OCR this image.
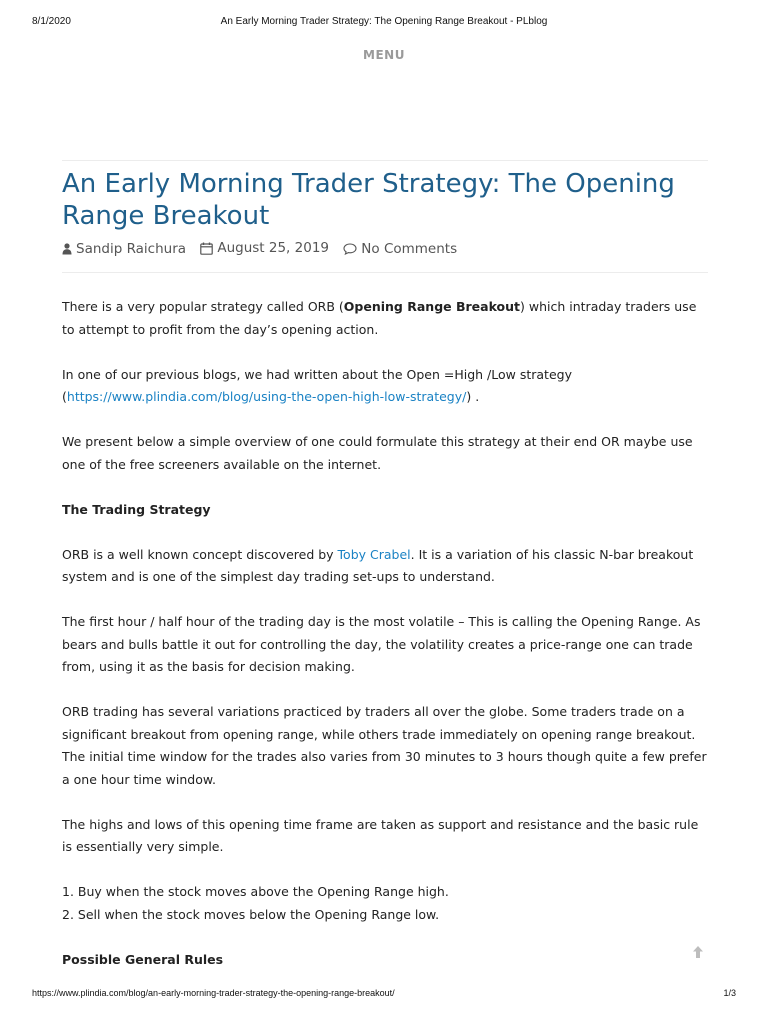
8/1/2020	An Early Morning Trader Strategy: The Opening Range Breakout - PLblog
MENU
An Early Morning Trader Strategy: The Opening Range Breakout
Sandip Raichura
August 25, 2019
No Comments

There is a very popular strategy called ORB (Opening Range Breakout) which intraday traders use to attempt to profit from the day’s opening action.

In one of our previous blogs, we had written about the Open =High /Low strategy (https://www.plindia.com/blog/using-the-open-high-low-strategy/) .

We present below a simple overview of one could formulate this strategy at their end OR maybe use one of the free screeners available on the internet.

The Trading Strategy

ORB is a well known concept discovered by Toby Crabel. It is a variation of his classic N-bar breakout system and is one of the simplest day trading set-ups to understand.

The first hour / half hour of the trading day is the most volatile – This is calling the Opening Range. As bears and bulls battle it out for controlling the day, the volatility creates a price-range one can trade from, using it as the basis for decision making.

ORB trading has several variations practiced by traders all over the globe. Some traders trade on a significant breakout from opening range, while others trade immediately on opening range breakout. The initial time window for the trades also varies from 30 minutes to 3 hours though quite a few prefer a one hour time window.

The highs and lows of this opening time frame are taken as support and resistance and the basic rule is essentially very simple.

1. Buy when the stock moves above the Opening Range high.

2. Sell when the stock moves below the Opening Range low.

Possible General Rules

https://www.plindia.com/blog/an-early-morning-trader-strategy-the-opening-range-breakout/	1/3
